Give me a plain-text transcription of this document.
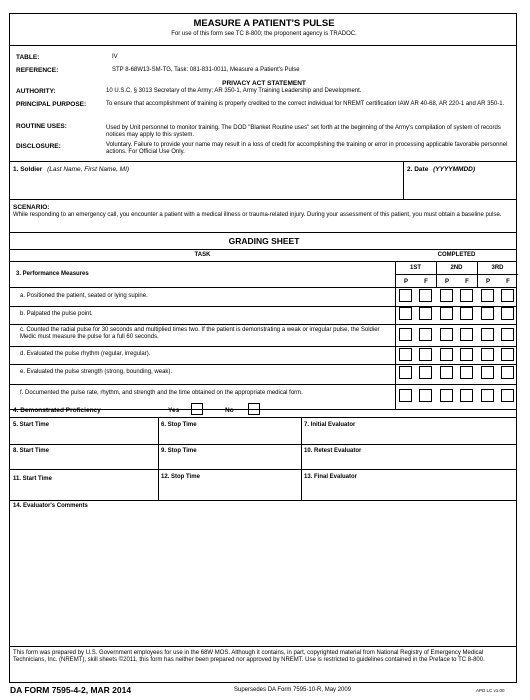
MEASURE A PATIENT'S PULSE
For use of this form see TC 8-800; the proponent agency is TRADOC.
TABLE:	IV
REFERENCE:	STP 8-68W13-SM-TG, Task: 081-831-0011, Measure a Patient's Pulse
PRIVACY ACT STATEMENT
AUTHORITY:	10 U.S.C. § 3013 Secretary of the Army; AR 350-1, Army Training Leadership and Development.
PRINCIPAL PURPOSE:	To ensure that accomplishment of training is properly credited to the correct individual for NREMT certification IAW AR 40-68, AR 220-1 and AR 350-1.
ROUTINE USES:	Used by Unit personnel to monitor training. The DOD "Blanket Routine uses" set forth at the beginning of the Army's compilation of system of records notices may apply to this system.
DISCLOSURE:	Voluntary. Failure to provide your name may result in a loss of credit for accomplishing the training or error in processing applicable favorable personnel actions. For Official Use Only.
1. Soldier (Last Name, First Name, MI)	2. Date (YYYYMMDD)
SCENARIO:
While responding to an emergency call, you encounter a patient with a medical illness or trauma-related injury. During your assessment of this patient, you must obtain a baseline pulse.
GRADING SHEET
TASK	COMPLETED
3. Performance Measures
1ST	2ND	3RD
P	F	P	F	P	F
a. Positioned the patient, seated or lying supine.
b. Palpated the pulse point.
c. Counted the radial pulse for 30 seconds and multiplied times two. If the patient is demonstrating a weak or irregular pulse, the Soldier Medic must measure the pulse for a full 60 seconds.
d. Evaluated the pulse rhythm (regular, irregular).
e. Evaluated the pulse strength (strong, bounding, weak).
f. Documented the pulse rate, rhythm, and strength and the time obtained on the appropriate medical form.
4. Demonstrated Proficiency	Yes	No
5. Start Time	6. Stop Time	7. Initial Evaluator
8. Start Time	9. Stop Time	10. Retest Evaluator
11. Start Time	12. Stop Time	13. Final Evaluator
14. Evaluator's Comments
This form was prepared by U.S. Government employees for use in the 68W MOS. Although it contains, in part, copyrighted material from National Registry of Emergency Medical Technicians, Inc. (NREMT), skill sheets ©2011, this form has neither been prepared nor approved by NREMT. Use is restricted to guidelines contained in the Preface to TC 8-800.
DA FORM 7595-4-2, MAR 2014	Supersedes DA Form 7595-10-R, May 2009	APD LC v1.00
